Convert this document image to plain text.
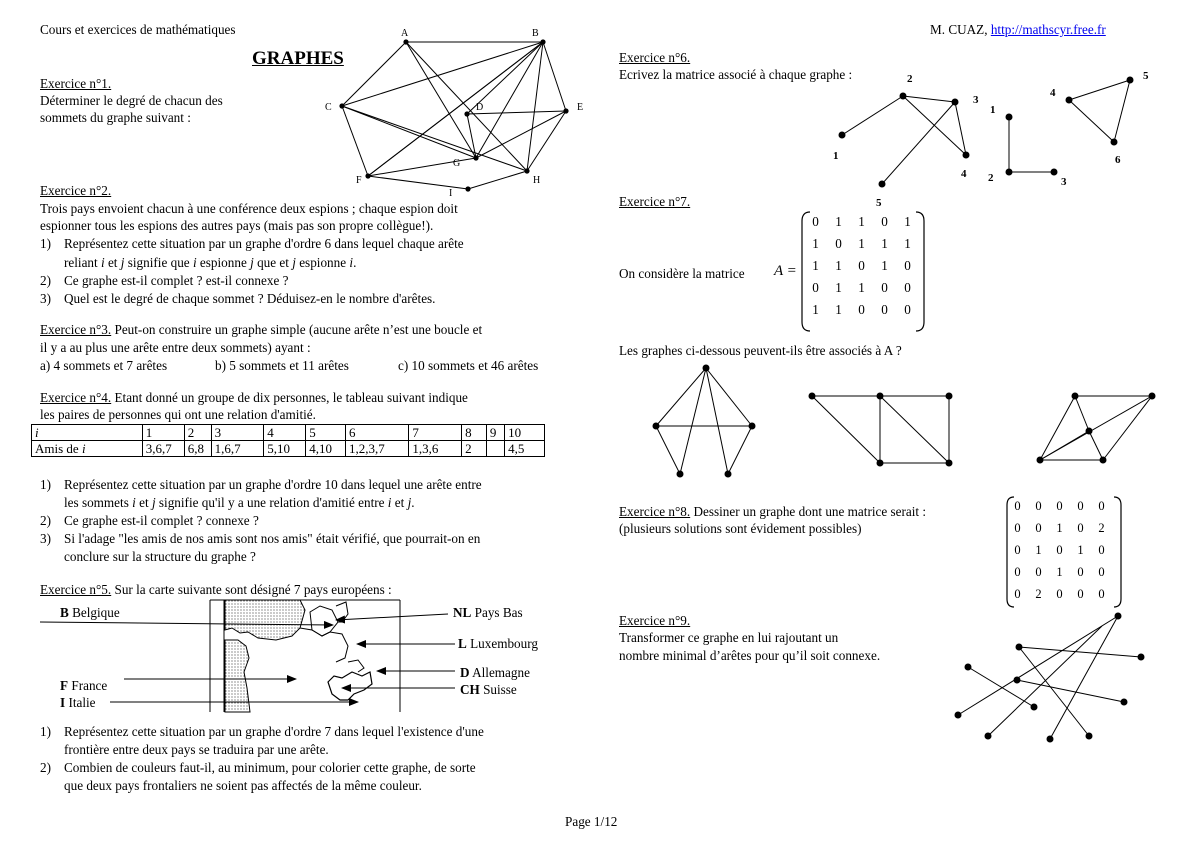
Cours et exercices de mathématiques	M. CUAZ, http://mathscyr.free.fr
GRAPHES
Exercice n°1.
Déterminer le degré de chacun des
sommets du graphe suivant :
A	B
C	D	E
F
G
H
I
Exercice n°2.
Trois pays envoient chacun à une conférence deux espions ; chaque espion doit
espionner tous les espions des autres pays (mais pas son propre collègue!).
1) Représentez cette situation par un graphe d'ordre 6 dans lequel chaque arête
reliant i et j signifie que i espionne j que et j espionne i.
2) Ce graphe est-il complet ? est-il connexe ?
3) Quel est le degré de chaque sommet ? Déduisez-en le nombre d'arêtes.
Exercice n°3. Peut-on construire un graphe simple (aucune arête n’est une boucle et
il y a au plus une arête entre deux sommets) ayant :
a) 4 sommets et 7 arêtes	b) 5 sommets et 11 arêtes	c) 10 sommets et 46 arêtes
Exercice n°4. Etant donné un groupe de dix personnes, le tableau suivant indique
les paires de personnes qui ont une relation d'amitié.
i	1	2	3	4	5	6	7	8	9	10
Amis de i	3,6,7	6,8	1,6,7	5,10	4,10	1,2,3,7	1,3,6	2		4,5
1) Représentez cette situation par un graphe d'ordre 10 dans lequel une arête entre
les sommets i et j signifie qu'il y a une relation d'amitié entre i et j.
2) Ce graphe est-il complet ? connexe ?
3) Si l'adage "les amis de nos amis sont nos amis" était vérifié, que pourrait-on en
conclure sur la structure du graphe ?
Exercice n°5. Sur la carte suivante sont désigné 7 pays européens :
B Belgique
F France
I Italie
NL Pays Bas
L Luxembourg
D Allemagne
CH Suisse
1) Représentez cette situation par un graphe d'ordre 7 dans lequel l'existence d'une
frontière entre deux pays se traduira par une arête.
2) Combien de couleurs faut-il, au minimum, pour colorier cette graphe, de sorte
que deux pays frontaliers ne soient pas affectés de la même couleur.
Exercice n°6.
Ecrivez la matrice associé à chaque graphe :
1
2
3
4
5
1
2	3
4
5
6
Exercice n°7.
On considère la matrice A =
0	1	1	0	1
1	0	1	1	1
1	1	0	1	0
0	1	1	0	0
1	1	0	0	0
Les graphes ci-dessous peuvent-ils être associés à A ?
Exercice n°8. Dessiner un graphe dont une matrice serait :
(plusieurs solutions sont évidement possibles)
0	0	0	0	0
0	0	1	0	2
0	1	0	1	0
0	0	1	0	0
0	2	0	0	0
Exercice n°9.
Transformer ce graphe en lui rajoutant un
nombre minimal d’arêtes pour qu’il soit connexe.
Page 1/12
